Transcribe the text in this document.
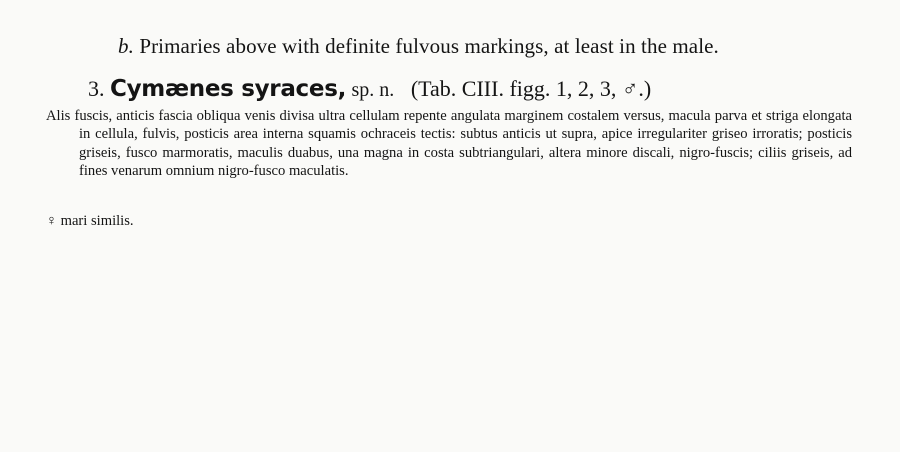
b. Primaries above with definite fulvous markings, at least in the male.
3. Cymænes syraces, sp. n. (Tab. CIII. figg. 1, 2, 3, ♂.)
Alis fuscis, anticis fascia obliqua venis divisa ultra cellulam repente angulata marginem costalem versus, macula parva et striga elongata in cellula, fulvis, posticis area interna squamis ochraceis tectis: subtus anticis ut supra, apice irregulariter griseo irroratis; posticis griseis, fusco marmoratis, maculis duabus, una magna in costa subtriangulari, altera minore discali, nigro-fuscis; ciliis griseis, ad fines venarum omnium nigro-fusco maculatis.
♀ mari similis.
